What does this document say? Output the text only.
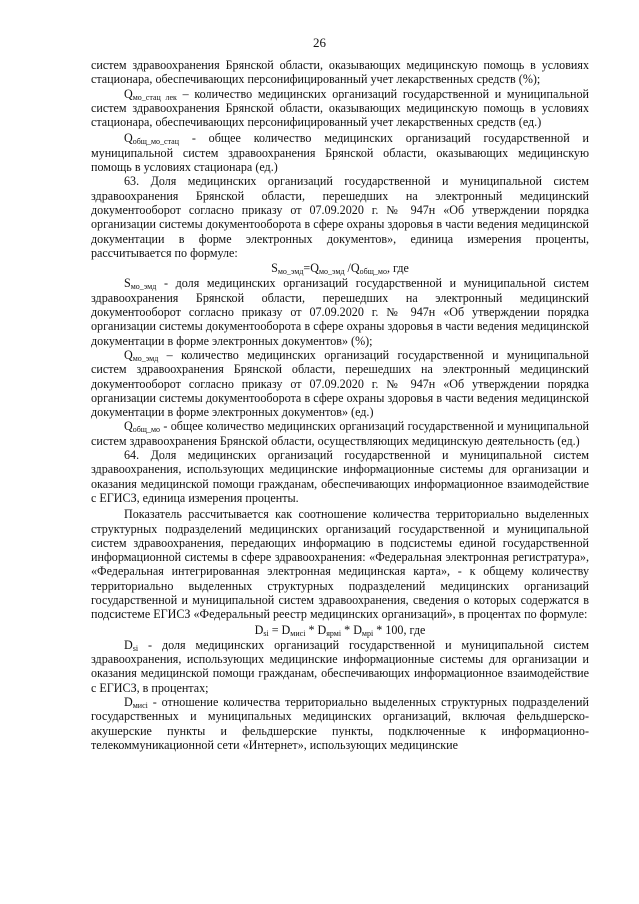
26

систем здравоохранения Брянской области, оказывающих медицинскую помощь в условиях стационара, обеспечивающих персонифицированный учет лекарственных средств (%);

$Q_{мо\_стац лек}$ – количество медицинских организаций государственной и муниципальной систем здравоохранения Брянской области, оказывающих медицинскую помощь в условиях стационара, обеспечивающих персонифицированный учет лекарственных средств (ед.)

$Q_{общ\_мо\_стац}$ - общее количество медицинских организаций государственной и муниципальной систем здравоохранения Брянской области, оказывающих медицинскую помощь в условиях стационара (ед.)

63. Доля медицинских организаций государственной и муниципальной систем здравоохранения Брянской области, перешедших на электронный медицинский документооборот согласно приказу от 07.09.2020 г. № 947н «Об утверждении порядка организации системы документооборота в сфере охраны здоровья в части ведения медицинской документации в форме электронных документов», единица измерения проценты, рассчитывается по формуле:

$S_{мо\_эмд}=Q_{мо\_эмд}$ $/Q_{общ\_мо}$, где

$S_{мо\_эмд}$ - доля медицинских организаций государственной и муниципальной систем здравоохранения Брянской области, перешедших на электронный медицинский документооборот согласно приказу от 07.09.2020 г. № 947н «Об утверждении порядка организации системы документооборота в сфере охраны здоровья в части ведения медицинской документации в форме электронных документов» (%);

$Q_{мо\_эмд}$ – количество медицинских организаций государственной и муниципальной систем здравоохранения Брянской области, перешедших на электронный медицинский документооборот согласно приказу от 07.09.2020 г. № 947н «Об утверждении порядка организации системы документооборота в сфере охраны здоровья в части ведения медицинской документации в форме электронных документов» (ед.)

$Q_{общ\_мо}$ - общее количество медицинских организаций государственной и муниципальной систем здравоохранения Брянской области, осуществляющих медицинскую деятельность (ед.)

64. Доля медицинских организаций государственной и муниципальной систем здравоохранения, использующих медицинские информационные системы для организации и оказания медицинской помощи гражданам, обеспечивающих информационное взаимодействие с ЕГИСЗ, единица измерения проценты.

Показатель рассчитывается как соотношение количества территориально выделенных структурных подразделений медицинских организаций государственной и муниципальной систем здравоохранения, передающих информацию в подсистемы единой государственной информационной системы в сфере здравоохранения: «Федеральная электронная регистратура», «Федеральная интегрированная электронная медицинская карта», - к общему количеству территориально выделенных структурных подразделений медицинских организаций государственной и муниципальной систем здравоохранения, сведения о которых содержатся в подсистеме ЕГИСЗ «Федеральный реестр медицинских организаций», в процентах по формуле:

$D_{si} = D_{мисi} * D_{ярмi} * D_{мрi} * 100$, где

$D_{si}$ - доля медицинских организаций государственной и муниципальной систем здравоохранения, использующих медицинские информационные системы для организации и оказания медицинской помощи гражданам, обеспечивающих информационное взаимодействие с ЕГИСЗ, в процентах;

$D_{мисi}$ - отношение количества территориально выделенных структурных подразделений государственных и муниципальных медицинских организаций, включая фельдшерско-акушерские пункты и фельдшерские пункты, подключенные к информационно-телекоммуникационной сети «Интернет», использующих медицинские
